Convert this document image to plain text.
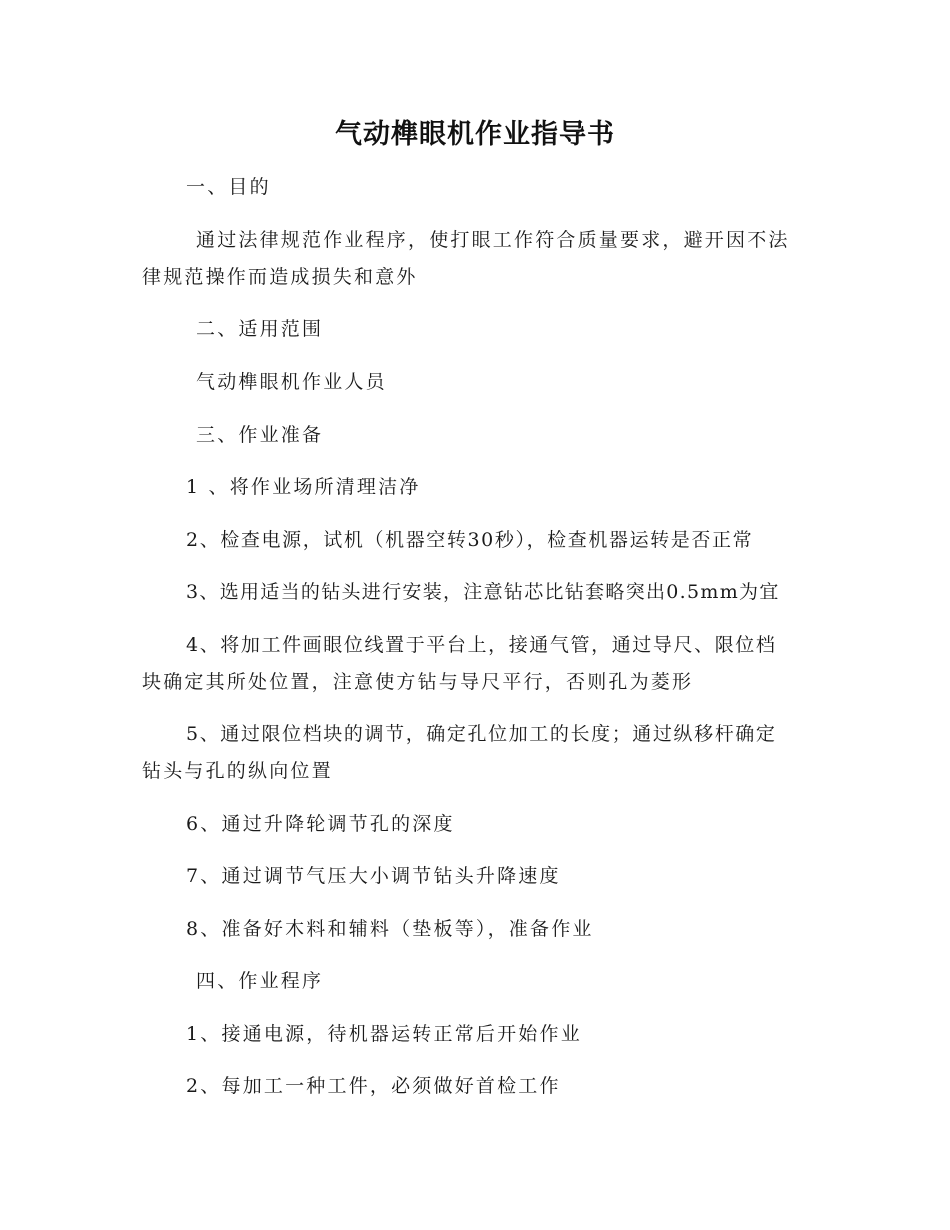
气动榫眼机作业指导书
一、目的
通过法律规范作业程序，使打眼工作符合质量要求，避开因不法
律规范操作而造成损失和意外
二、适用范围
气动榫眼机作业人员
三、作业准备
1 、将作业场所清理洁净
2、检查电源，试机（机器空转30秒），检查机器运转是否正常
3、选用适当的钻头进行安装，注意钻芯比钻套略突出0.5mm为宜
4、将加工件画眼位线置于平台上，接通气管，通过导尺、限位档
块确定其所处位置，注意使方钻与导尺平行，否则孔为菱形
5、通过限位档块的调节，确定孔位加工的长度；通过纵移杆确定
钻头与孔的纵向位置
6、通过升降轮调节孔的深度
7、通过调节气压大小调节钻头升降速度
8、准备好木料和辅料（垫板等），准备作业
四、作业程序
1、接通电源，待机器运转正常后开始作业
2、每加工一种工件，必须做好首检工作
